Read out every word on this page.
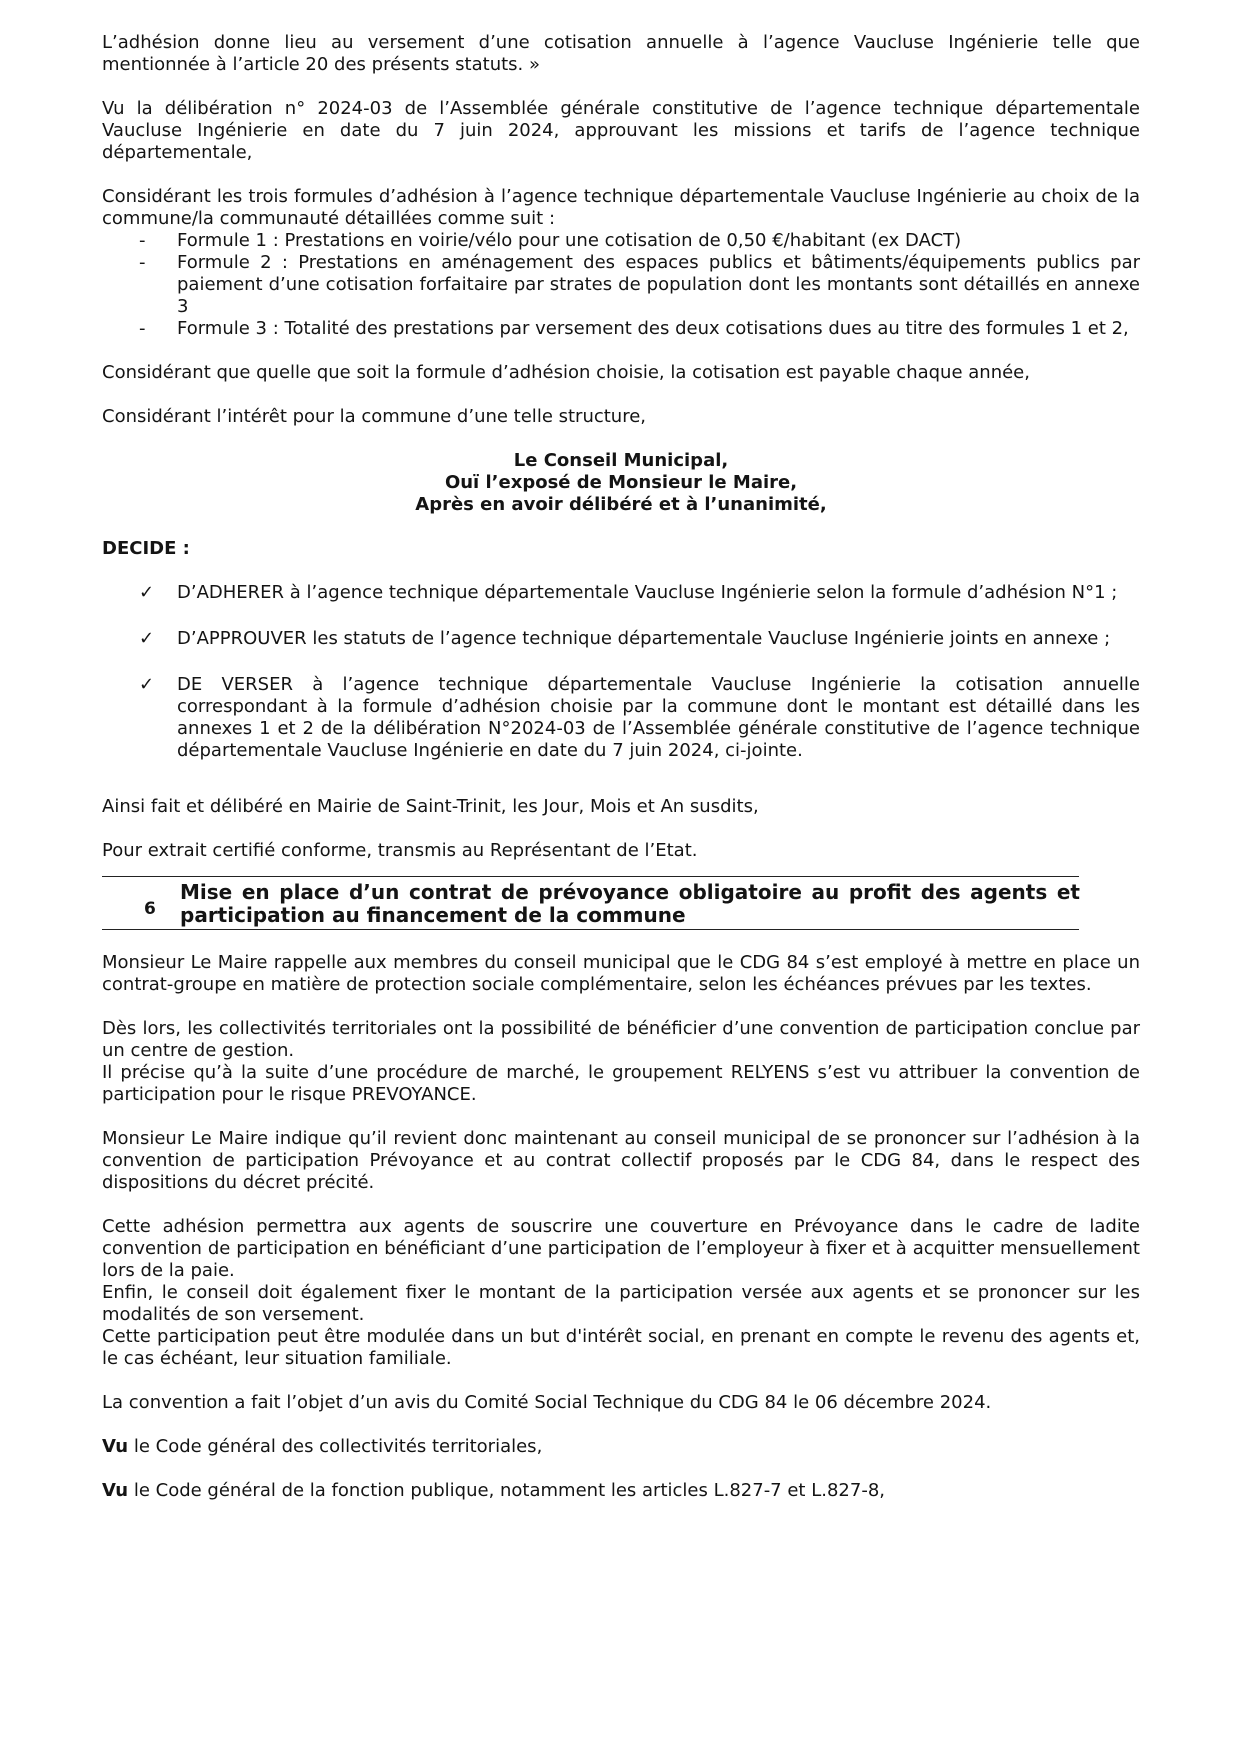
L’adhésion donne lieu au versement d’une cotisation annuelle à l’agence Vaucluse Ingénierie telle que mentionnée à l’article 20 des présents statuts. »

Vu la délibération n° 2024-03 de l’Assemblée générale constitutive de l’agence technique départementale Vaucluse Ingénierie en date du 7 juin 2024, approuvant les missions et tarifs de l’agence technique départementale,

Considérant les trois formules d’adhésion à l’agence technique départementale Vaucluse Ingénierie au choix de la commune/la communauté détaillées comme suit :

- Formule 1 : Prestations en voirie/vélo pour une cotisation de 0,50 €/habitant (ex DACT)
- Formule 2 : Prestations en aménagement des espaces publics et bâtiments/équipements publics par paiement d’une cotisation forfaitaire par strates de population dont les montants sont détaillés en annexe 3
- Formule 3 : Totalité des prestations par versement des deux cotisations dues au titre des formules 1 et 2,

Considérant que quelle que soit la formule d’adhésion choisie, la cotisation est payable chaque année,

Considérant l’intérêt pour la commune d’une telle structure,

Le Conseil Municipal,

Ouï l’exposé de Monsieur le Maire,

Après en avoir délibéré et à l’unanimité,

DECIDE :

✓ D’ADHERER à l’agence technique départementale Vaucluse Ingénierie selon la formule d’adhésion N°1 ;
✓ D’APPROUVER les statuts de l’agence technique départementale Vaucluse Ingénierie joints en annexe ;
✓ DE VERSER à l’agence technique départementale Vaucluse Ingénierie la cotisation annuelle correspondant à la formule d’adhésion choisie par la commune dont le montant est détaillé dans les annexes 1 et 2 de la délibération N°2024-03 de l’Assemblée générale constitutive de l’agence technique départementale Vaucluse Ingénierie en date du 7 juin 2024, ci-jointe.

Ainsi fait et délibéré en Mairie de Saint-Trinit, les Jour, Mois et An susdits,

Pour extrait certifié conforme, transmis au Représentant de l’Etat.

6
Mise en place d’un contrat de prévoyance obligatoire au profit des agents et participation au financement de la commune

Monsieur Le Maire rappelle aux membres du conseil municipal que le CDG 84 s’est employé à mettre en place un contrat-groupe en matière de protection sociale complémentaire, selon les échéances prévues par les textes.

Dès lors, les collectivités territoriales ont la possibilité de bénéficier d’une convention de participation conclue par un centre de gestion.

Il précise qu’à la suite d’une procédure de marché, le groupement RELYENS s’est vu attribuer la convention de participation pour le risque PREVOYANCE.

Monsieur Le Maire indique qu’il revient donc maintenant au conseil municipal de se prononcer sur l’adhésion à la convention de participation Prévoyance et au contrat collectif proposés par le CDG 84, dans le respect des dispositions du décret précité.

Cette adhésion permettra aux agents de souscrire une couverture en Prévoyance dans le cadre de ladite convention de participation en bénéficiant d’une participation de l’employeur à fixer et à acquitter mensuellement lors de la paie.

Enfin, le conseil doit également fixer le montant de la participation versée aux agents et se prononcer sur les modalités de son versement.

Cette participation peut être modulée dans un but d'intérêt social, en prenant en compte le revenu des agents et, le cas échéant, leur situation familiale.

La convention a fait l’objet d’un avis du Comité Social Technique du CDG 84 le 06 décembre 2024.

Vu le Code général des collectivités territoriales,

Vu le Code général de la fonction publique, notamment les articles L.827-7 et L.827-8,
